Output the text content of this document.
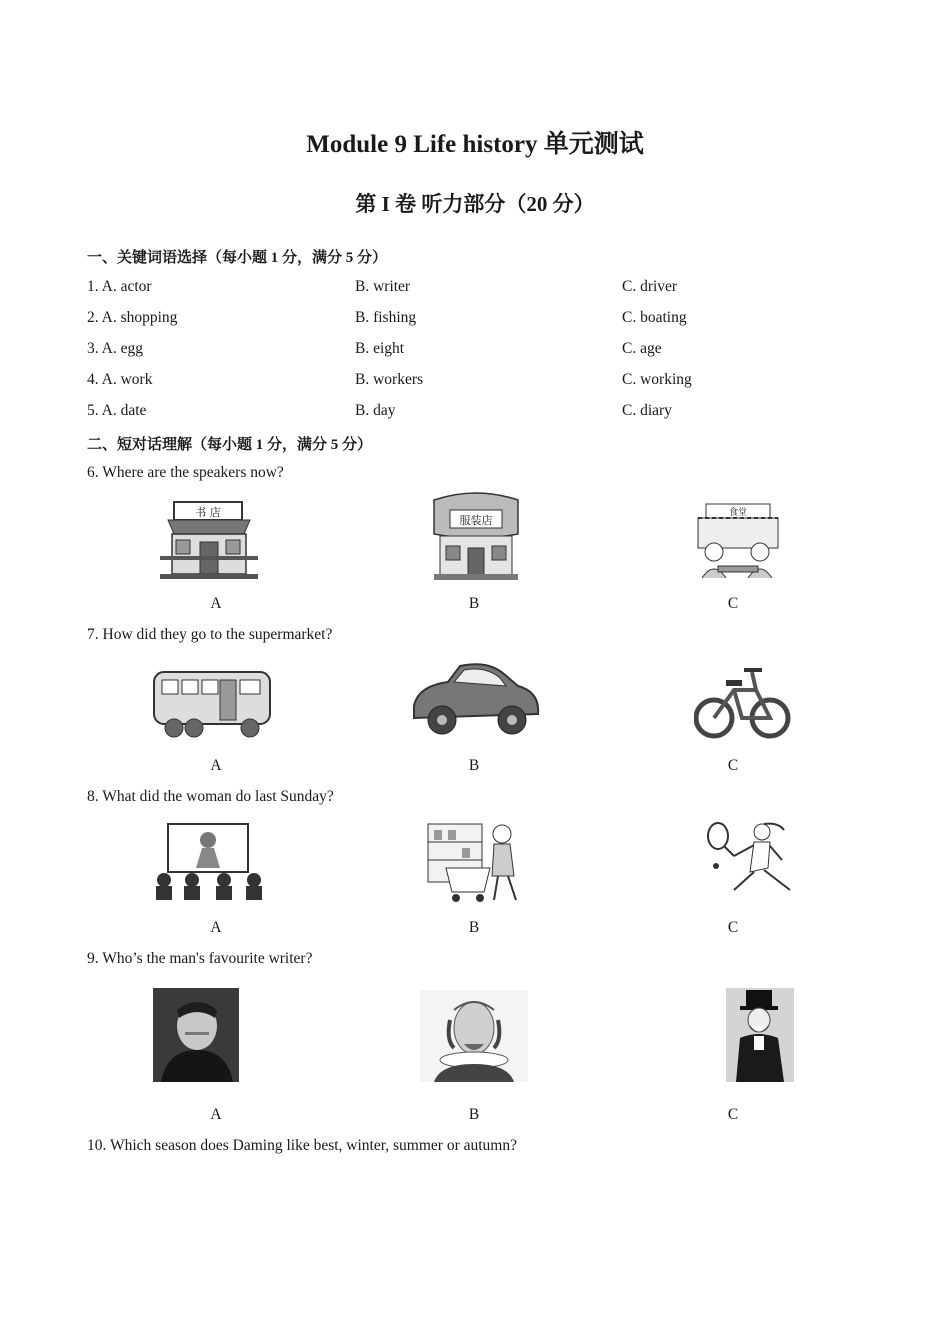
Module 9 Life history 单元测试
第 I 卷 听力部分（20 分）
一、关键词语选择（每小题 1 分，满分 5 分）
1. A. actor	B. writer	C. driver
2. A. shopping	B. fishing	C. boating
3. A. egg	B. eight	C. age
4. A. work	B. workers	C. working
5. A. date	B. day	C. diary
二、短对话理解（每小题 1 分，满分 5 分）
6. Where are the speakers now?
书 店
服装店
食堂
A	B	C
7. How did they go to the supermarket?
A	B	C
8. What did the woman do last Sunday?
A	B	C
9. Who’s the man's favourite writer?
A	B	C
10. Which season does Daming like best, winter, summer or autumn?
